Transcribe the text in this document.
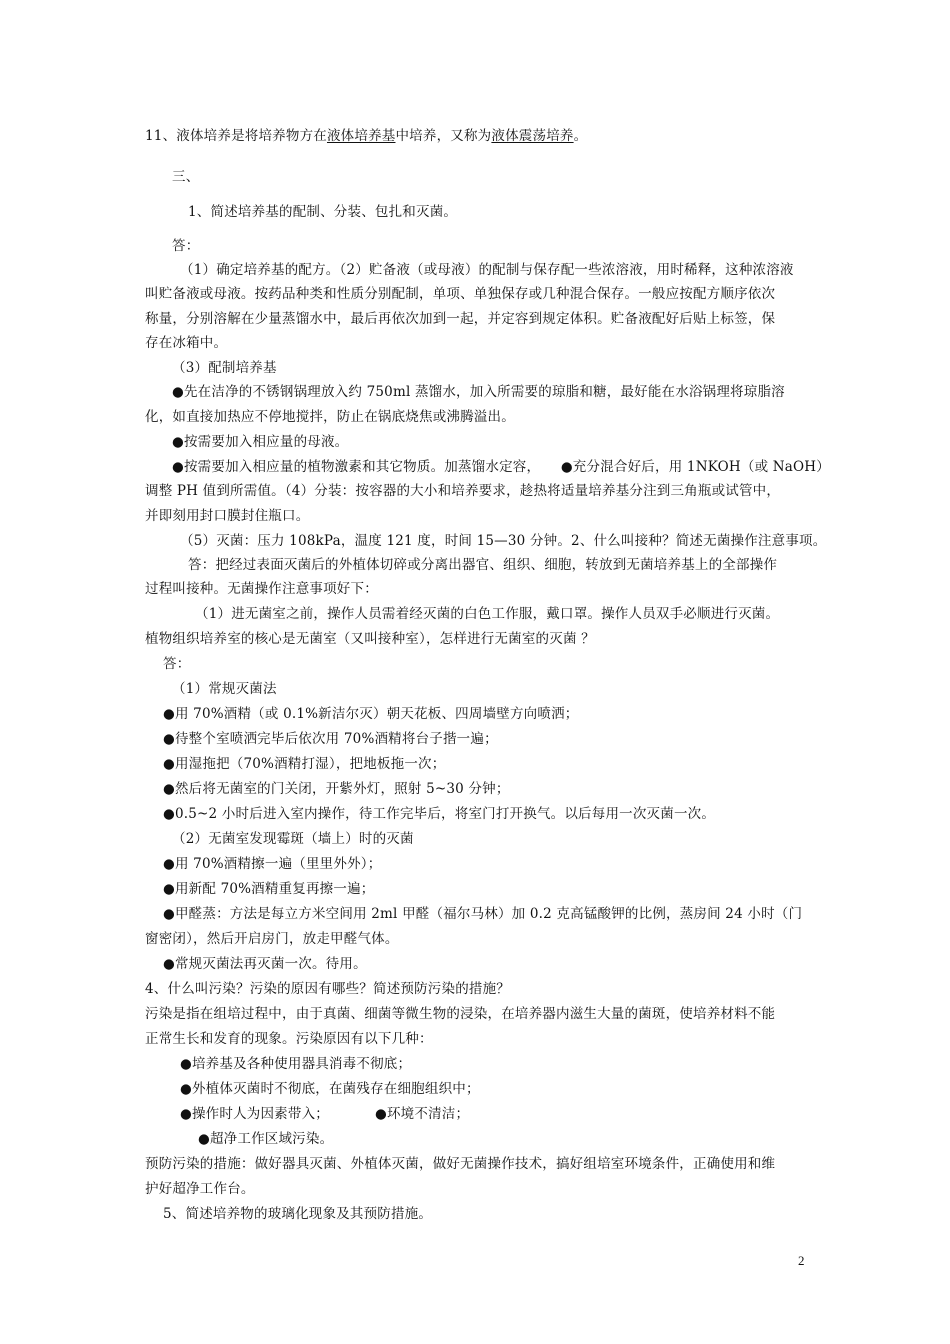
11、液体培养是将培养物方在液体培养基中培养，又称为液体震荡培养。
三、
1、简述培养基的配制、分装、包扎和灭菌。
答：
（1）确定培养基的配方。（2）贮备液（或母液）的配制与保存配一些浓溶液，用时稀释，这种浓溶液
叫贮备液或母液。按药品种类和性质分别配制，单项、单独保存或几种混合保存。一般应按配方顺序依次
称量，分别溶解在少量蒸馏水中，最后再依次加到一起，并定容到规定体积。贮备液配好后贴上标签，保
存在冰箱中。
（3）配制培养基
●先在洁净的不锈钢锅理放入约 750ml 蒸馏水，加入所需要的琼脂和糖，最好能在水浴锅理将琼脂溶
化，如直接加热应不停地搅拌，防止在锅底烧焦或沸腾溢出。
●按需要加入相应量的母液。
●按需要加入相应量的植物激素和其它物质。加蒸馏水定容，　　●充分混合好后，用 1NKOH（或 NaOH）
调整 PH 值到所需值。（4）分装：按容器的大小和培养要求，趁热将适量培养基分注到三角瓶或试管中，
并即刻用封口膜封住瓶口。
（5）灭菌：压力 108kPa，温度 121 度，时间 15—30 分钟。2、什么叫接种？简述无菌操作注意事项。
答：把经过表面灭菌后的外植体切碎或分离出器官、组织、细胞，转放到无菌培养基上的全部操作
过程叫接种。无菌操作注意事项好下：
（1）进无菌室之前，操作人员需着经灭菌的白色工作服，戴口罩。操作人员双手必顺进行灭菌。
植物组织培养室的核心是无菌室（又叫接种室），怎样进行无菌室的灭菌 ？
答：
（1）常规灭菌法
●用 70%酒精（或 0.1%新洁尔灭）朝天花板、四周墙壁方向喷洒；
●待整个室喷洒完毕后依次用 70%酒精将台子揩一遍；
●用湿拖把（70%酒精打湿），把地板拖一次；
●然后将无菌室的门关闭，开紫外灯，照射 5~30 分钟；
●0.5~2 小时后进入室内操作，待工作完毕后，将室门打开换气。以后每用一次灭菌一次。
（2）无菌室发现霉斑（墙上）时的灭菌
●用 70%酒精擦一遍（里里外外）；
●用新配 70%酒精重复再擦一遍；
●甲醛蒸：方法是每立方米空间用 2ml 甲醛（福尔马林）加 0.2 克高锰酸钾的比例，蒸房间 24 小时（门
窗密闭），然后开启房门，放走甲醛气体。
●常规灭菌法再灭菌一次。待用。
4、什么叫污染？污染的原因有哪些？简述预防污染的措施？
污染是指在组培过程中，由于真菌、细菌等微生物的浸染，在培养器内滋生大量的菌斑，使培养材料不能
正常生长和发育的现象。污染原因有以下几种：
●培养基及各种使用器具消毒不彻底；
●外植体灭菌时不彻底，在菌残存在细胞组织中；
●操作时人为因素带入；	●环境不清洁；
●超净工作区域污染。
预防污染的措施：做好器具灭菌、外植体灭菌，做好无菌操作技术，搞好组培室环境条件，正确使用和维
护好超净工作台。
5、简述培养物的玻璃化现象及其预防措施。
2
